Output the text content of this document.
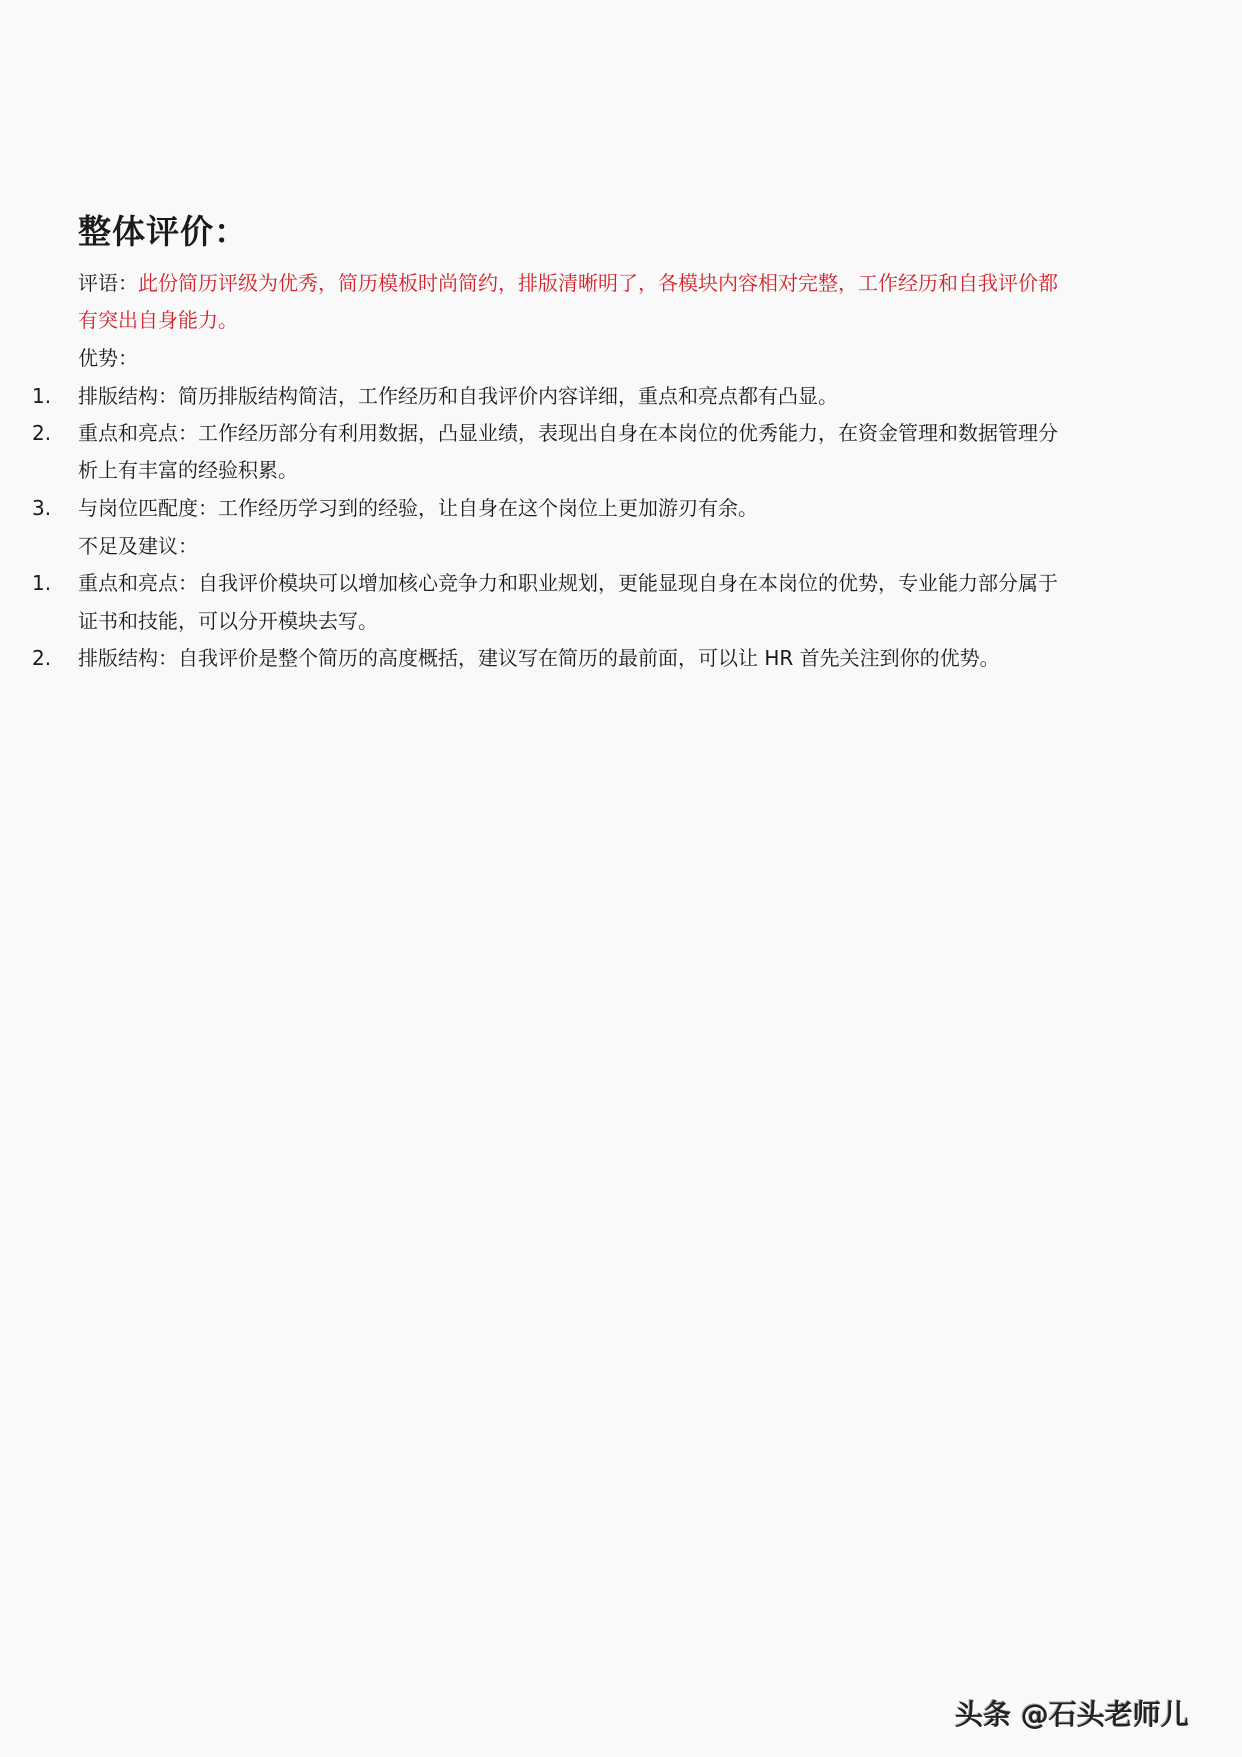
整体评价：
评语：此份简历评级为优秀，简历模板时尚简约，排版清晰明了，各模块内容相对完整，工作经历和自我评价都
有突出自身能力。
优势：
1. 排版结构：简历排版结构简洁，工作经历和自我评价内容详细，重点和亮点都有凸显。
2. 重点和亮点：工作经历部分有利用数据，凸显业绩，表现出自身在本岗位的优秀能力，在资金管理和数据管理分
析上有丰富的经验积累。
3. 与岗位匹配度：工作经历学习到的经验，让自身在这个岗位上更加游刃有余。
不足及建议：
1. 重点和亮点：自我评价模块可以增加核心竞争力和职业规划，更能显现自身在本岗位的优势，专业能力部分属于
证书和技能，可以分开模块去写。
2. 排版结构：自我评价是整个简历的高度概括，建议写在简历的最前面，可以让 HR 首先关注到你的优势。
头条 @石头老师儿
